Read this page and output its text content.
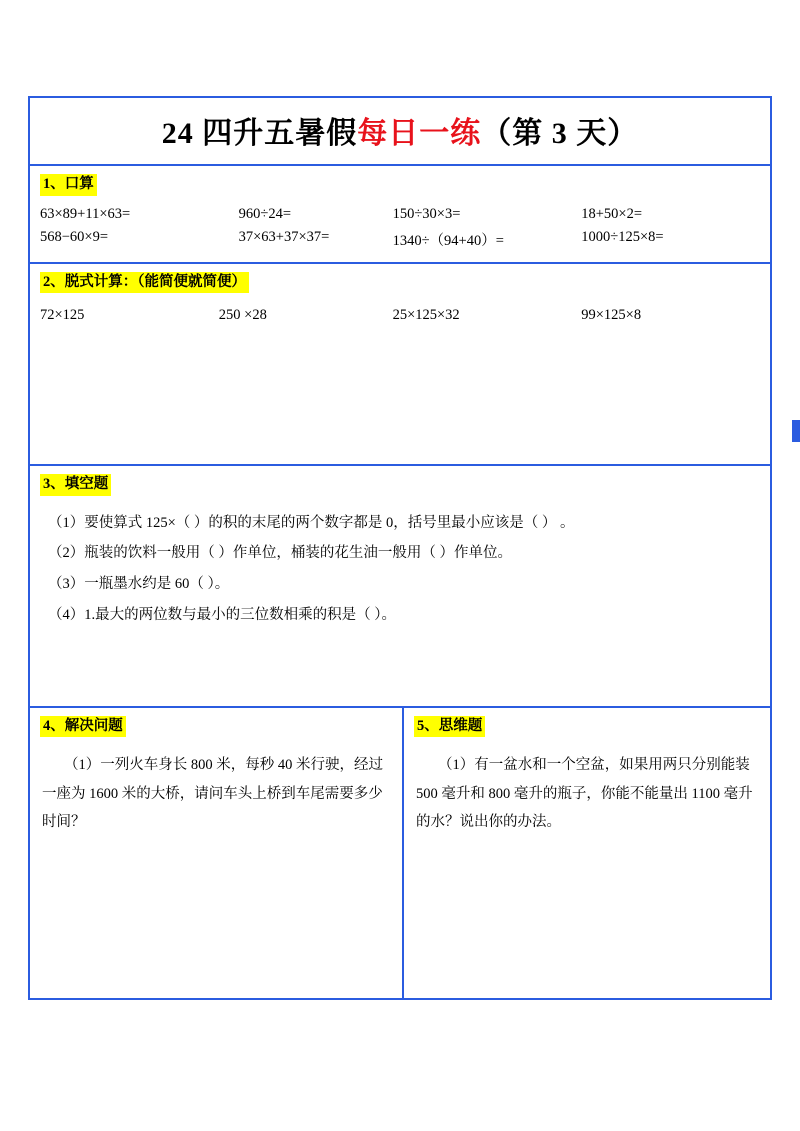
24 四升五暑假每日一练（第 3 天）
1、口算
63×89+11×63=	960÷24=	150÷30×3=	18+50×2=
568−60×9=	37×63+37×37=	1340÷（94+40）=	1000÷125×8=
2、脱式计算：（能简便就简便）
72×125	250 ×28	25×125×32	99×125×8
3、填空题
（1）要使算式 125×（ ）的积的末尾的两个数字都是 0，括号里最小应该是（ ） 。
（2）瓶装的饮料一般用（ ）作单位，桶装的花生油一般用（ ）作单位。
（3）一瓶墨水约是 60（ ）。
（4）1.最大的两位数与最小的三位数相乘的积是（ ）。
4、解决问题

（1）一列火车身长 800 米，每秒 40 米行驶，经过一座为 1600 米的大桥，请问车头上桥到车尾需要多少时间？

5、思维题

（1）有一盆水和一个空盆，如果用两只分别能装 500 毫升和 800 毫升的瓶子，你能不能量出 1100 毫升的水？说出你的办法。
